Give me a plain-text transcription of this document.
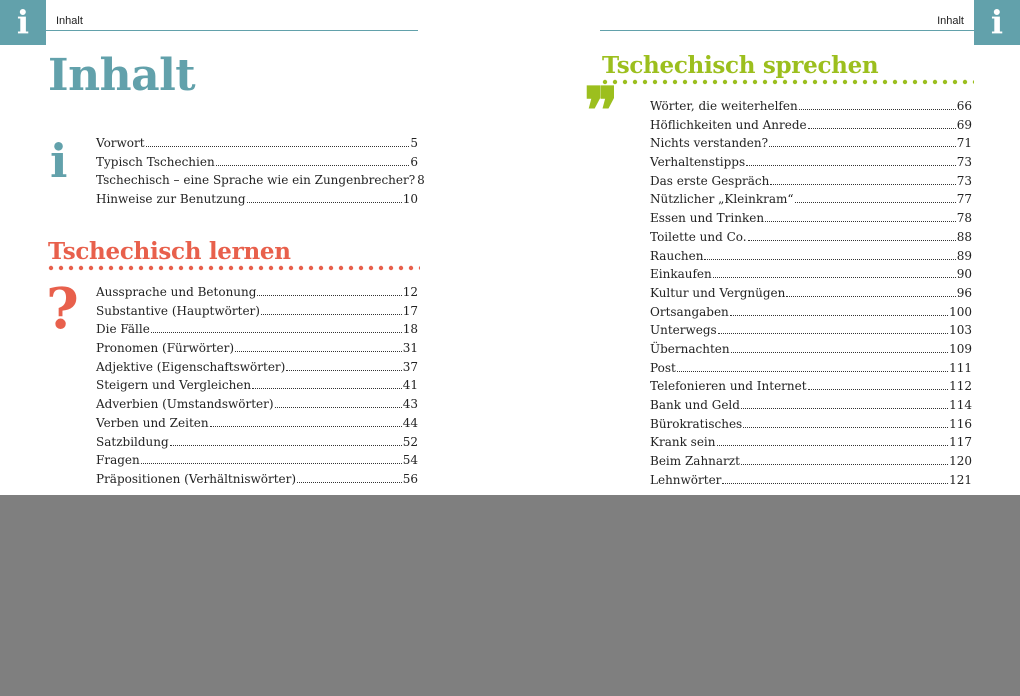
i	Inhalt
Inhalt
i Vorwort	5
Typisch Tschechien	6
Tschechisch – eine Sprache wie ein Zungenbrecher? 8
Hinweise zur Benutzung	10
Tschechisch lernen
? Aussprache und Betonung	12
Substantive (Hauptwörter)	17
Die Fälle	18
Pronomen (Fürwörter)	31
Adjektive (Eigenschaftswörter)	37
Steigern und Vergleichen	41
Adverbien (Umstandswörter)	43
Verben und Zeiten	44
Satzbildung	52
Fragen	54
Präpositionen (Verhältniswörter)	56
i
Inhalt
Tschechisch sprechen
❞	Wörter, die weiterhelfen	66
Höflichkeiten und Anrede	69
Nichts verstanden?	71
Verhaltenstipps	73
Das erste Gespräch	73
Nützlicher „Kleinkram“	77
Essen und Trinken	78
Toilette und Co.	88
Rauchen	89
Einkaufen	90
Kultur und Vergnügen	96
Ortsangaben	100
Unterwegs	103
Übernachten	109
Post	111
Telefonieren und Internet	112
Bank und Geld	114
Bürokratisches	116
Krank sein	117
Beim Zahnarzt	120
Lehnwörter	121
